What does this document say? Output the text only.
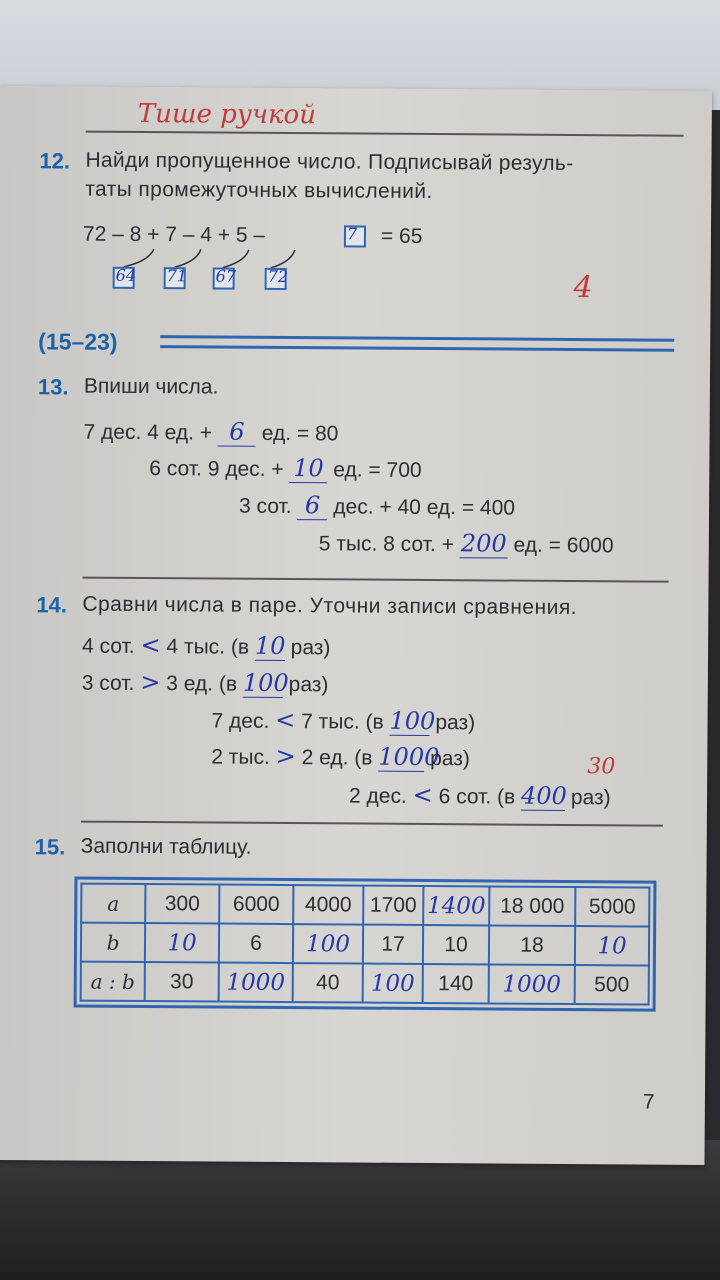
Тише ручкой
12. Найди пропущенное число. Подписывай резуль-
таты промежуточных вычислений.
72 – 8 + 7 – 4 + 5 –	7 = 65
64 71 67 72	4
(15–23)
13. Впиши числа.
7 дес. 4 ед. + 6 ед. = 80
6 сот. 9 дес. + 10 ед. = 700
3 сот. 6 дес. + 40 ед. = 400
5 тыс. 8 сот. + 200 ед. = 6000
14. Сравни числа в паре. Уточни записи сравнения.
4 сот. < 4 тыс. (в 10 раз)
3 сот. > 3 ед. (в 100 раз)
7 дес. < 7 тыс. (в 100 раз)
2 тыс. > 2 ед. (в 1000 раз)	30
2 дес. < 6 сот. (в 400 раз)
15. Заполни таблицу.
a	300	6000	4000	1700	1400	18 000	5000
b	10	6	100	17	10	18	10
a : b	30	1000	40	100	140	1000	500
7
